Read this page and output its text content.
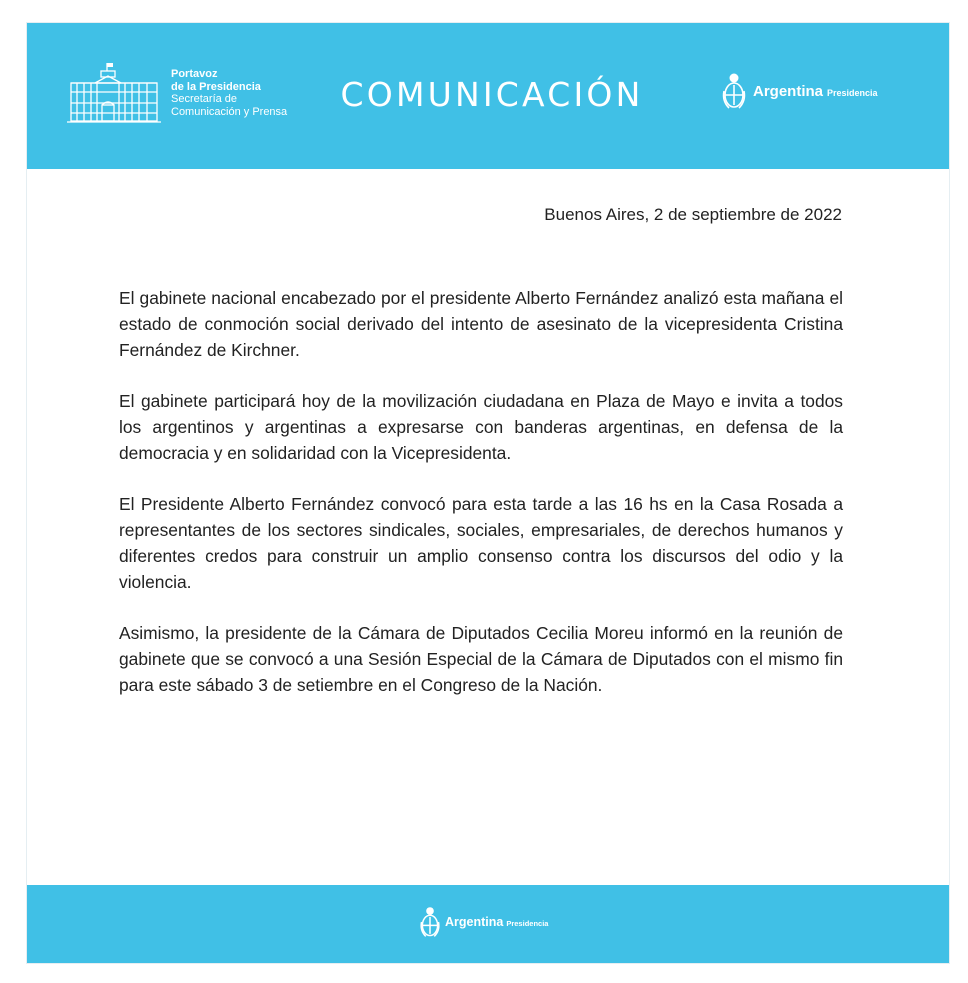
Portavoz
de la Presidencia
Secretaría de
Comunicación y Prensa	COMUNICACIÓN	Argentina Presidencia
Buenos Aires, 2 de septiembre de 2022

El gabinete nacional encabezado por el presidente Alberto Fernández analizó esta mañana el estado de conmoción social derivado del intento de asesinato de la vicepresidenta Cristina Fernández de Kirchner.

El gabinete participará hoy de la movilización ciudadana en Plaza de Mayo e invita a todos los argentinos y argentinas a expresarse con banderas argentinas, en defensa de la democracia y en solidaridad con la Vicepresidenta.

El Presidente Alberto Fernández convocó para esta tarde a las 16 hs en la Casa Rosada a representantes de los sectores sindicales, sociales, empresariales, de derechos humanos y diferentes credos para construir un amplio consenso contra los discursos del odio y la violencia.

Asimismo, la presidente de la Cámara de Diputados Cecilia Moreu informó en la reunión de gabinete que se convocó a una Sesión Especial de la Cámara de Diputados con el mismo fin para este sábado 3 de setiembre en el Congreso de la Nación.

Argentina Presidencia
